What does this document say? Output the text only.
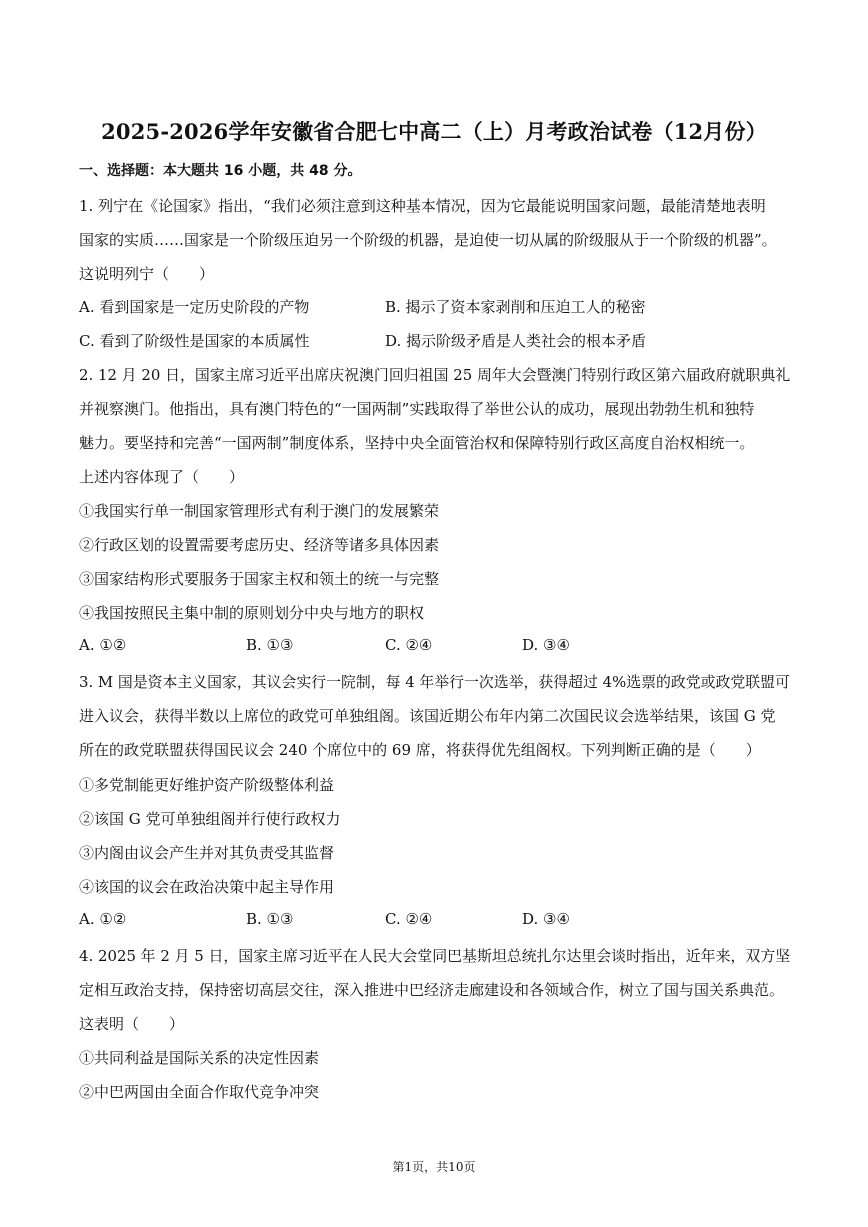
2025-2026学年安徽省合肥七中高二（上）月考政治试卷（12月份）
一、选择题：本大题共 16 小题，共 48 分。
1. 列宁在《论国家》指出，“我们必须注意到这种基本情况，因为它最能说明国家问题，最能清楚地表明
国家的实质……国家是一个阶级压迫另一个阶级的机器，是迫使一切从属的阶级服从于一个阶级的机器”。
这说明列宁（　　）
A. 看到国家是一定历史阶段的产物	B. 揭示了资本家剥削和压迫工人的秘密
C. 看到了阶级性是国家的本质属性	D. 揭示阶级矛盾是人类社会的根本矛盾
2. 12 月 20 日，国家主席习近平出席庆祝澳门回归祖国 25 周年大会暨澳门特别行政区第六届政府就职典礼
并视察澳门。他指出，具有澳门特色的“一国两制”实践取得了举世公认的成功，展现出勃勃生机和独特
魅力。要坚持和完善“一国两制”制度体系，坚持中央全面管治权和保障特别行政区高度自治权相统一。
上述内容体现了（　　）
①我国实行单一制国家管理形式有利于澳门的发展繁荣
②行政区划的设置需要考虑历史、经济等诸多具体因素
③国家结构形式要服务于国家主权和领土的统一与完整
④我国按照民主集中制的原则划分中央与地方的职权
A. ①②	B. ①③	C. ②④	D. ③④
3. M 国是资本主义国家，其议会实行一院制，每 4 年举行一次选举，获得超过 4%选票的政党或政党联盟可
进入议会，获得半数以上席位的政党可单独组阁。该国近期公布年内第二次国民议会选举结果，该国 G 党
所在的政党联盟获得国民议会 240 个席位中的 69 席，将获得优先组阁权。下列判断正确的是（　　）
①多党制能更好维护资产阶级整体利益
②该国 G 党可单独组阁并行使行政权力
③内阁由议会产生并对其负责受其监督
④该国的议会在政治决策中起主导作用
A. ①②	B. ①③	C. ②④	D. ③④
4. 2025 年 2 月 5 日，国家主席习近平在人民大会堂同巴基斯坦总统扎尔达里会谈时指出，近年来，双方坚
定相互政治支持，保持密切高层交往，深入推进中巴经济走廊建设和各领域合作，树立了国与国关系典范。
这表明（　　）
①共同利益是国际关系的决定性因素
②中巴两国由全面合作取代竞争冲突
第1页，共10页
